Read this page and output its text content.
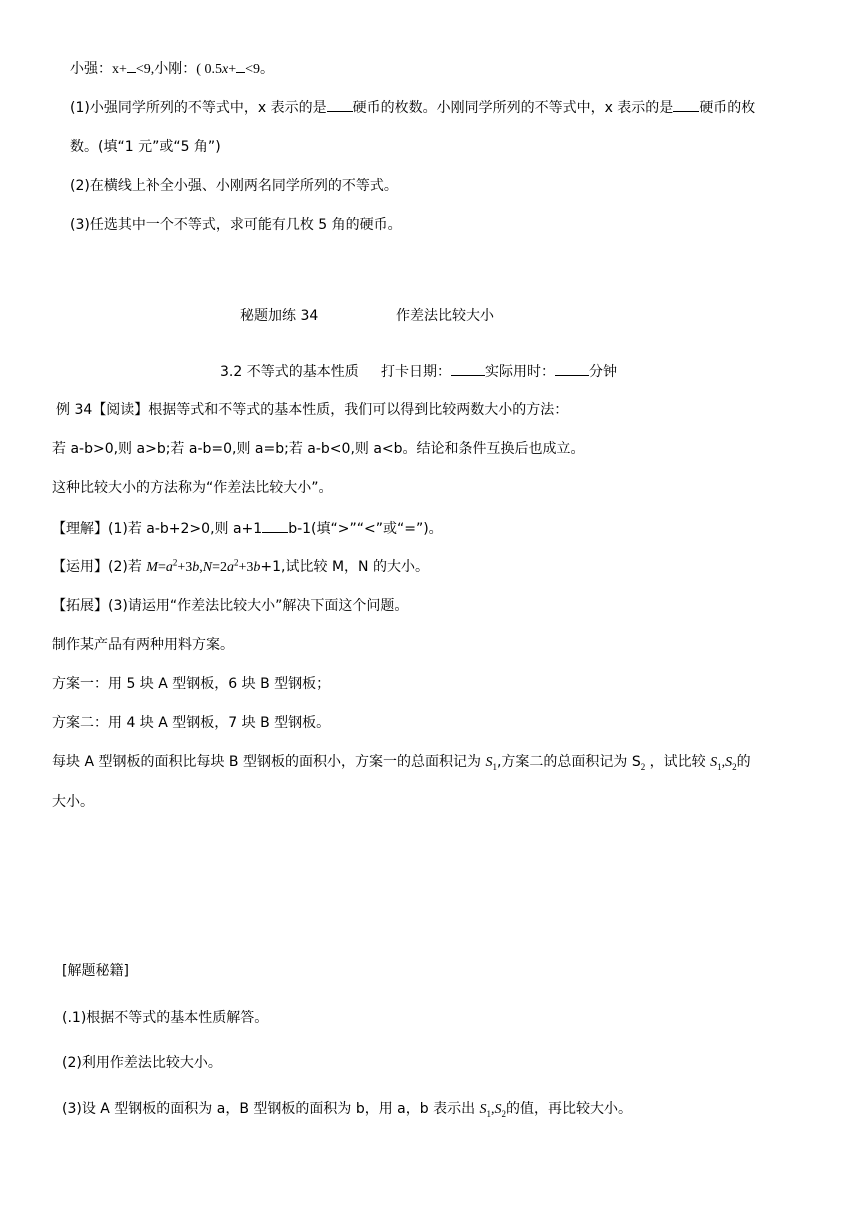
小强：x+ <9,小刚：( 0.5x+ <9。
(1)小强同学所列的不等式中，x 表示的是 硬币的枚数。小刚同学所列的不等式中，x 表示的是 硬币的枚
数。(填“1 元”或“5 角”)
(2)在横线上补全小强、小刚两名同学所列的不等式。
(3)任选其中一个不等式，求可能有几枚 5 角的硬币。
秘题加练 34	作差法比较大小
3.2 不等式的基本性质 打卡日期： 实际用时： 分钟
例 34【阅读】根据等式和不等式的基本性质，我们可以得到比较两数大小的方法：
若 a-b>0,则 a>b;若 a-b=0,则 a=b;若 a-b<0,则 a<b。结论和条件互换后也成立。
这种比较大小的方法称为“作差法比较大小”。
【理解】(1)若 a-b+2>0,则 a+1 b-1(填“>”“<”或“=”)。
【运用】(2)若 $M=a^2+3b,N=2a^2+3b+1$,试比较 M，N 的大小。
【拓展】(3)请运用“作差法比较大小”解决下面这个问题。
制作某产品有两种用料方案。
方案一：用 5 块 A 型钢板，6 块 B 型钢板；
方案二：用 4 块 A 型钢板，7 块 B 型钢板。
每块 A 型钢板的面积比每块 B 型钢板的面积小，方案一的总面积记为 $S_1$,方案二的总面积记为 $S_2$ ，试比较 $S_1,S_2$的
大小。
[解题秘籍]
(.1)根据不等式的基本性质解答。
(2)利用作差法比较大小。
(3)设 A 型钢板的面积为 a，B 型钢板的面积为 b，用 a，b 表示出 $S_1,S_2$的值，再比较大小。
